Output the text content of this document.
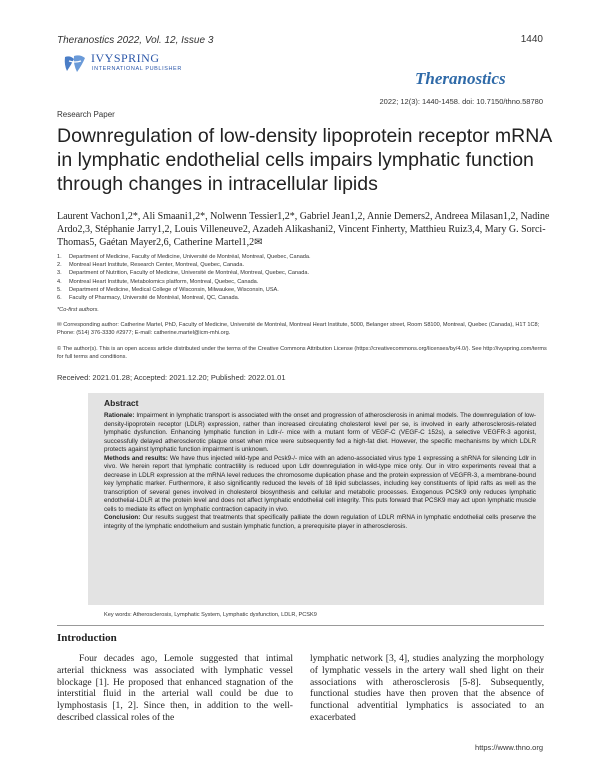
Theranostics 2022, Vol. 12, Issue 3	1440
IVYSPRING
INTERNATIONAL PUBLISHER	Theranostics
2022; 12(3): 1440-1458. doi: 10.7150/thno.58780
Research Paper
Downregulation of low-density lipoprotein receptor mRNA in lymphatic endothelial cells impairs lymphatic function through changes in intracellular lipids
Laurent Vachon1,2*, Ali Smaani1,2*, Nolwenn Tessier1,2*, Gabriel Jean1,2, Annie Demers2, Andreea Milasan1,2, Nadine Ardo2,3, Stéphanie Jarry1,2, Louis Villeneuve2, Azadeh Alikashani2, Vincent Finherty, Matthieu Ruiz3,4, Mary G. Sorci-Thomas5, Gaétan Mayer2,6, Catherine Martel1,2✉
1.	Department of Medicine, Faculty of Medicine, Université de Montréal, Montreal, Quebec, Canada.
2.	Montreal Heart Institute, Research Center, Montreal, Quebec, Canada.
3.	Department of Nutrition, Faculty of Medicine, Université de Montréal, Montreal, Quebec, Canada.
4.	Montreal Heart Institute, Metabolomics platform, Montreal, Quebec, Canada.
5.	Department of Medicine, Medical College of Wisconsin, Milwaukee, Wisconsin, USA.
6.	Faculty of Pharmacy, Université de Montréal, Montreal, QC, Canada.
*Co-first authors.
✉ Corresponding author: Catherine Martel, PhD, Faculty of Medicine, Université de Montréal, Montreal Heart Institute, 5000, Belanger street, Room S8100, Montreal, Quebec (Canada), H1T 1C8; Phone: (514) 376-3330 #2977; E-mail: catherine.martel@icm-mhi.org.
© The author(s). This is an open access article distributed under the terms of the Creative Commons Attribution License (https://creativecommons.org/licenses/by/4.0/). See http://ivyspring.com/terms for full terms and conditions.
Received: 2021.01.28; Accepted: 2021.12.20; Published: 2022.01.01
Abstract

Rationale: Impairment in lymphatic transport is associated with the onset and progression of atherosclerosis in animal models. The downregulation of low-density-lipoprotein receptor (LDLR) expression, rather than increased circulating cholesterol level per se, is involved in early atherosclerosis-related lymphatic dysfunction. Enhancing lymphatic function in Ldlr-/- mice with a mutant form of VEGF-C (VEGF-C 152s), a selective VEGFR-3 agonist, successfully delayed atherosclerotic plaque onset when mice were subsequently fed a high-fat diet. However, the specific mechanisms by which LDLR protects against lymphatic function impairment is unknown.

Methods and results: We have thus injected wild-type and Pcsk9-/- mice with an adeno-associated virus type 1 expressing a shRNA for silencing Ldlr in vivo. We herein report that lymphatic contractility is reduced upon Ldlr downregulation in wild-type mice only. Our in vitro experiments reveal that a decrease in LDLR expression at the mRNA level reduces the chromosome duplication phase and the protein expression of VEGFR-3, a membrane-bound key lymphatic marker. Furthermore, it also significantly reduced the levels of 18 lipid subclasses, including key constituents of lipid rafts as well as the transcription of several genes involved in cholesterol biosynthesis and cellular and metabolic processes. Exogenous PCSK9 only reduces lymphatic endothelial-LDLR at the protein level and does not affect lymphatic endothelial cell integrity. This puts forward that PCSK9 may act upon lymphatic muscle cells to mediate its effect on lymphatic contraction capacity in vivo.

Conclusion: Our results suggest that treatments that specifically palliate the down regulation of LDLR mRNA in lymphatic endothelial cells preserve the integrity of the lymphatic endothelium and sustain lymphatic function, a prerequisite player in atherosclerosis.

Key words: Atherosclerosis, Lymphatic System, Lymphatic dysfunction, LDLR, PCSK9
Introduction

Four decades ago, Lemole suggested that intimal arterial thickness was associated with lymphatic vessel blockage [1]. He proposed that enhanced stagnation of the interstitial fluid in the arterial wall could be due to lymphostasis [1, 2]. Since then, in addition to the well-described classical roles of the

lymphatic network [3, 4], studies analyzing the morphology of lymphatic vessels in the artery wall shed light on their associations with atherosclerosis [5-8]. Subsequently, functional studies have then proven that the absence of functional adventitial lymphatics is associated to an exacerbated

https://www.thno.org
